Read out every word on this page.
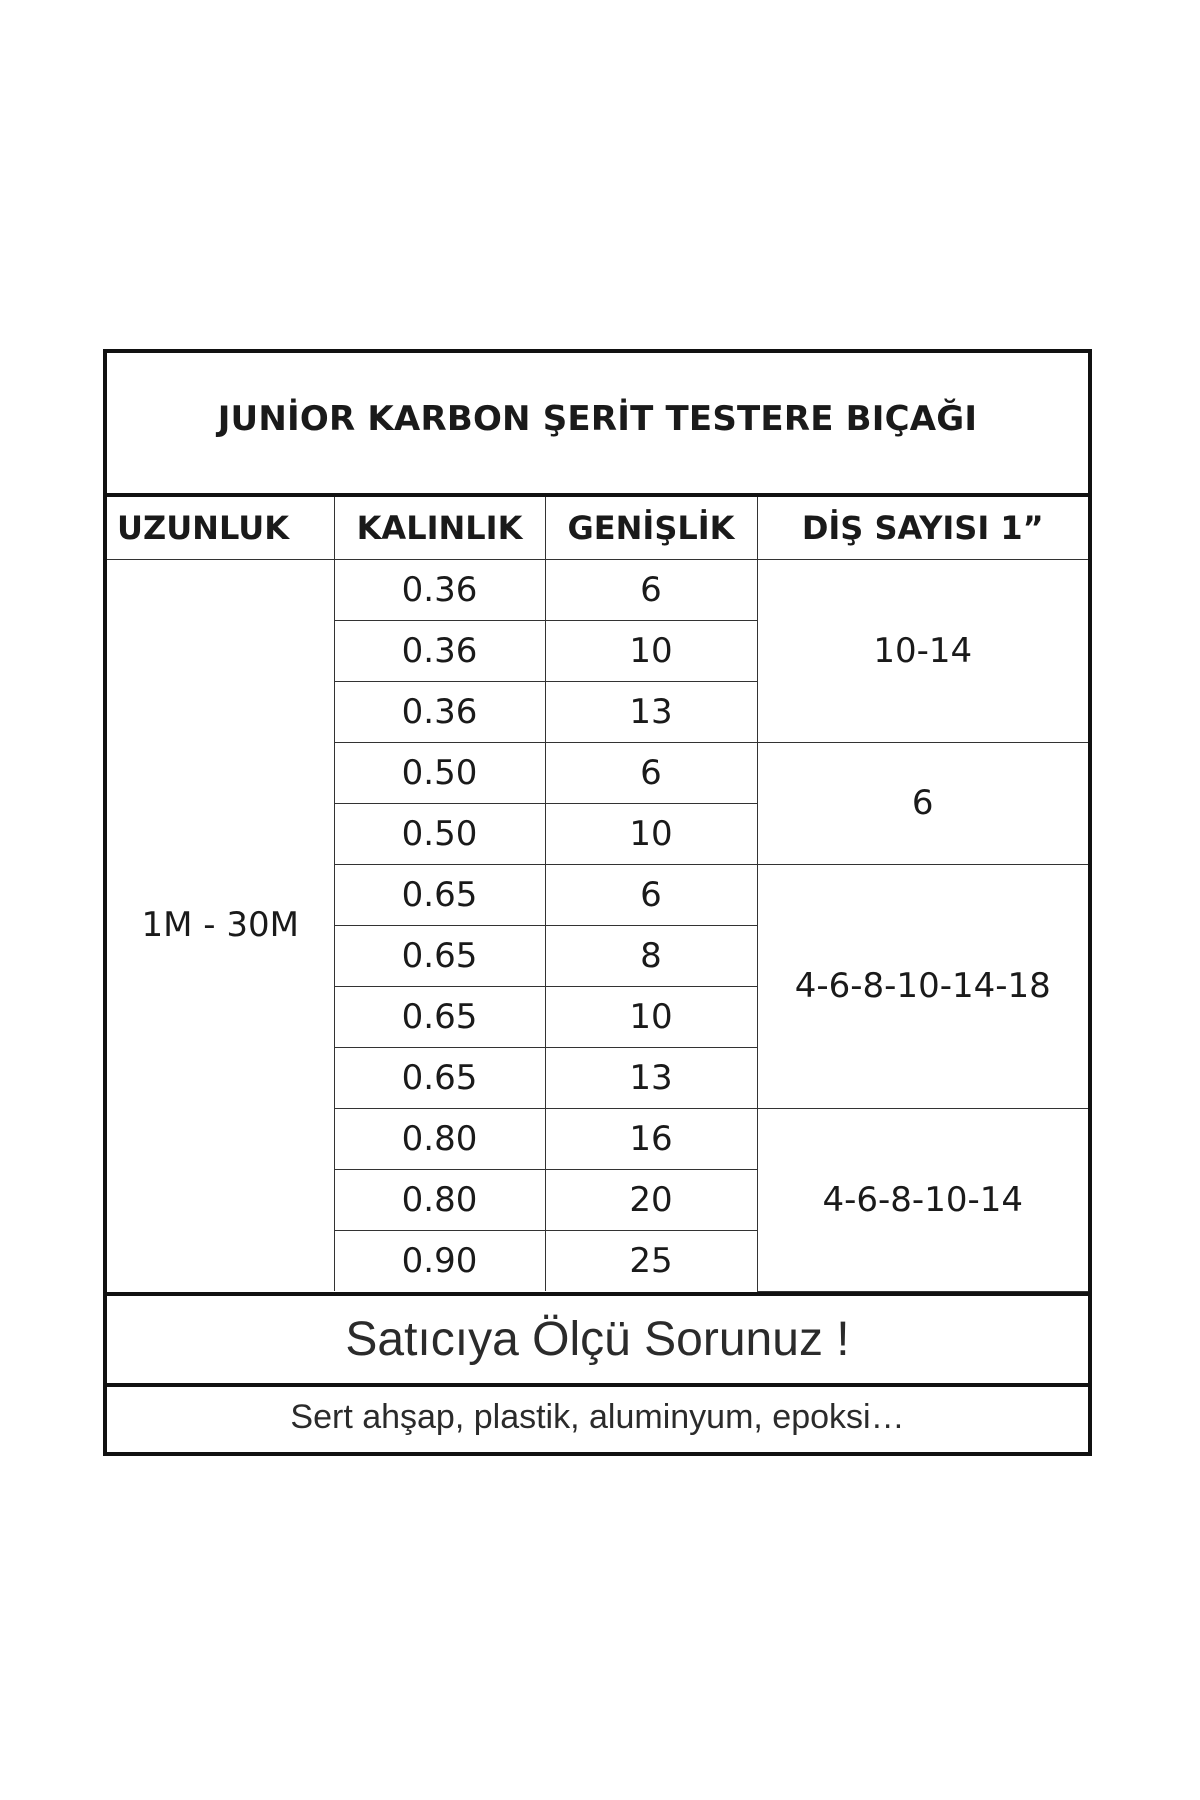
JUNİOR KARBON ŞERİT TESTERE BIÇAĞI
UZUNLUK	KALINLIK	GENİŞLİK	DİŞ SAYISI 1”
1M - 30M	0.36	6	10-14
	0.36	10	
	0.36	13	
	0.50	6	6
	0.50	10	
	0.65	6	4-6-8-10-14-18
	0.65	8	
	0.65	10	
	0.65	13	
	0.80	16	4-6-8-10-14
	0.80	20	
	0.90	25	
Satıcıya Ölçü Sorunuz !
Sert ahşap, plastik, aluminyum, epoksi…
